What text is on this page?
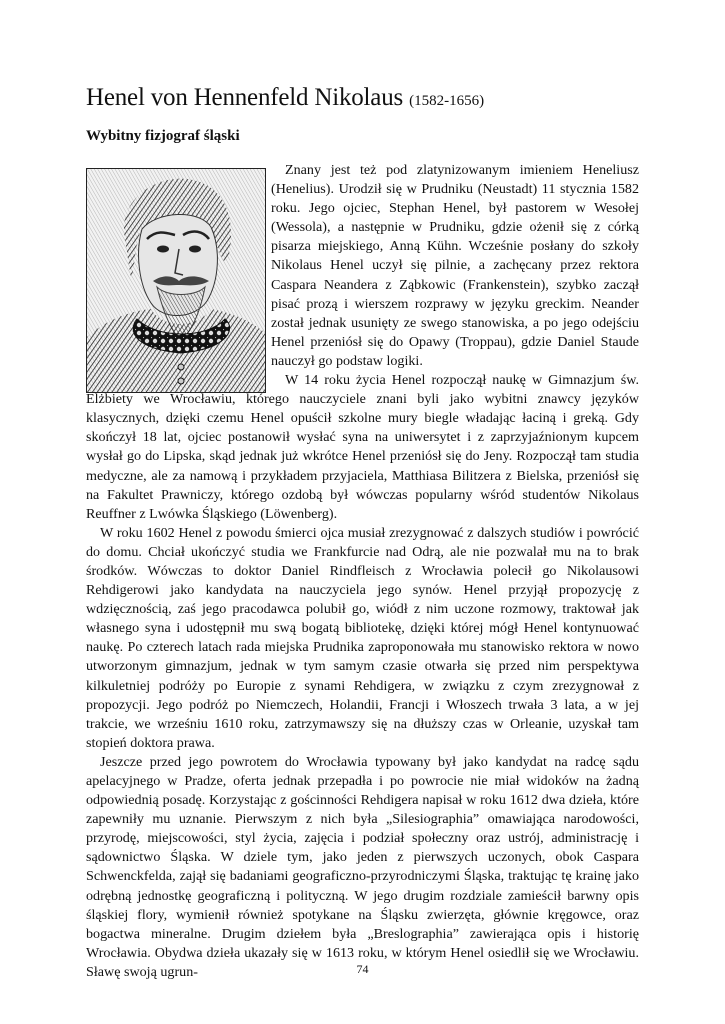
Henel von Hennenfeld Nikolaus (1582-1656)
Wybitny fizjograf śląski

Znany jest też pod zlatynizowanym imieniem Heneliusz (Henelius). Urodził się w Prudniku (Neustadt) 11 stycznia 1582 roku. Jego ojciec, Stephan Henel, był pastorem w Wesołej (Wessola), a następnie w Prudniku, gdzie ożenił się z córką pisarza miejskiego, Anną Kühn. Wcześnie posłany do szkoły Nikolaus Henel uczył się pilnie, a zachęcany przez rektora Caspara Neandera z Ząbkowic (Frankenstein), szybko zaczął pisać prozą i wierszem rozprawy w języku greckim. Neander został jednak usunięty ze swego stanowiska, a po jego odejściu Henel przeniósł się do Opawy (Troppau), gdzie Daniel Staude nauczył go podstaw logiki.

W 14 roku życia Henel rozpoczął naukę w Gimnazjum św. Elżbiety we Wrocławiu, którego nauczyciele znani byli jako wybitni znawcy języków klasycznych, dzięki czemu Henel opuścił szkolne mury biegle władając łaciną i greką. Gdy skończył 18 lat, ojciec postanowił wysłać syna na uniwersytet i z zaprzyjaźnionym kupcem wysłał go do Lipska, skąd jednak już wkrótce Henel przeniósł się do Jeny. Rozpoczął tam studia medyczne, ale za namową i przykładem przyjaciela, Matthiasa Bilitzera z Bielska, przeniósł się na Fakultet Prawniczy, którego ozdobą był wówczas popularny wśród studentów Nikolaus Reuffner z Lwówka Śląskiego (Löwenberg).

W roku 1602 Henel z powodu śmierci ojca musiał zrezygnować z dalszych studiów i powrócić do domu. Chciał ukończyć studia we Frankfurcie nad Odrą, ale nie pozwalał mu na to brak środków. Wówczas to doktor Daniel Rindfleisch z Wrocławia polecił go Nikolausowi Rehdigerowi jako kandydata na nauczyciela jego synów. Henel przyjął propozycję z wdzięcznością, zaś jego pracodawca polubił go, wiódł z nim uczone rozmowy, traktował jak własnego syna i udostępnił mu swą bogatą bibliotekę, dzięki której mógł Henel kontynuować naukę. Po czterech latach rada miejska Prudnika zaproponowała mu stanowisko rektora w nowo utworzonym gimnazjum, jednak w tym samym czasie otwarła się przed nim perspektywa kilkuletniej podróży po Europie z synami Rehdigera, w związku z czym zrezygnował z propozycji. Jego podróż po Niemczech, Holandii, Francji i Włoszech trwała 3 lata, a w jej trakcie, we wrześniu 1610 roku, zatrzymawszy się na dłuższy czas w Orleanie, uzyskał tam stopień doktora prawa.

Jeszcze przed jego powrotem do Wrocławia typowany był jako kandydat na radcę sądu apelacyjnego w Pradze, oferta jednak przepadła i po powrocie nie miał widoków na żadną odpowiednią posadę. Korzystając z gościnności Rehdigera napisał w roku 1612 dwa dzieła, które zapewniły mu uznanie. Pierwszym z nich była „Silesiographia” omawiająca narodowości, przyrodę, miejscowości, styl życia, zajęcia i podział społeczny oraz ustrój, administrację i sądownictwo Śląska. W dziele tym, jako jeden z pierwszych uczonych, obok Caspara Schwenckfelda, zajął się badaniami geograficzno-przyrodniczymi Śląska, traktując tę krainę jako odrębną jednostkę geograficzną i polityczną. W jego drugim rozdziale zamieścił barwny opis śląskiej flory, wymienił również spotykane na Śląsku zwierzęta, głównie kręgowce, oraz bogactwa mineralne. Drugim dziełem była „Breslographia” zawierająca opis i historię Wrocławia. Obydwa dzieła ukazały się w 1613 roku, w którym Henel osiedlił się we Wrocławiu. Sławę swoją ugrun-	74
